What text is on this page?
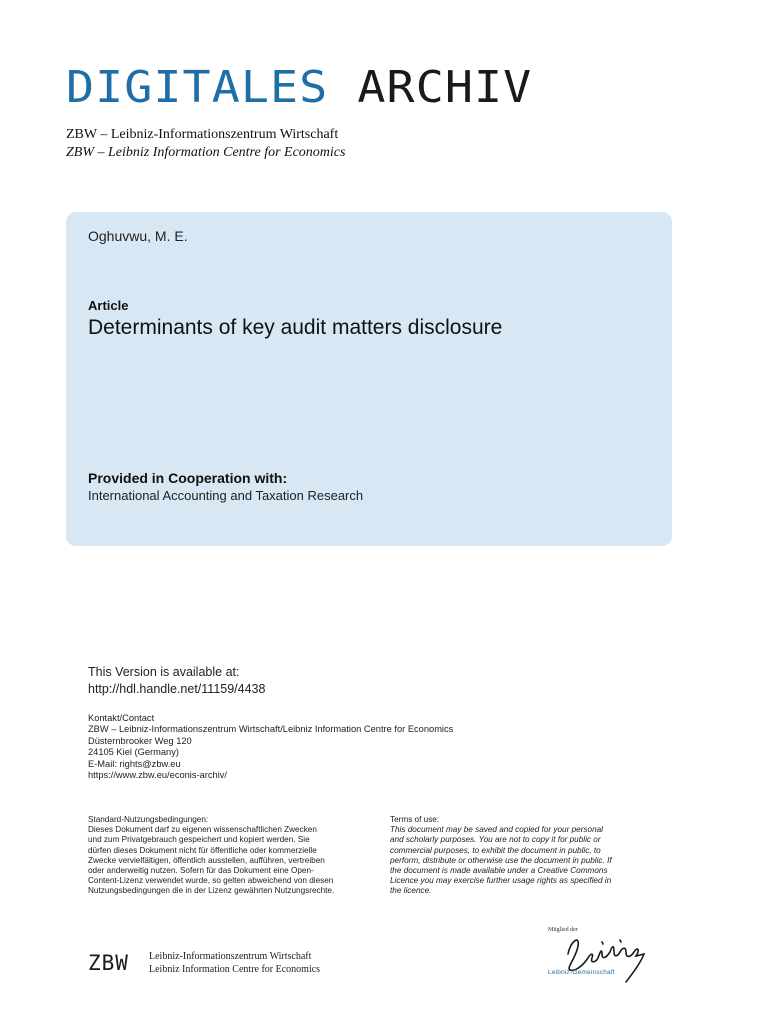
DIGITALES ARCHIV
ZBW – Leibniz-Informationszentrum Wirtschaft
ZBW – Leibniz Information Centre for Economics
Oghuvwu, M. E.
Article
Determinants of key audit matters disclosure
Provided in Cooperation with:
International Accounting and Taxation Research
This Version is available at:
http://hdl.handle.net/11159/4438
Kontakt/Contact
ZBW – Leibniz-Informationszentrum Wirtschaft/Leibniz Information Centre for Economics
Düsternbrooker Weg 120
24105 Kiel (Germany)
E-Mail: rights@zbw.eu
https://www.zbw.eu/econis-archiv/
Standard-Nutzungsbedingungen:
Dieses Dokument darf zu eigenen wissenschaftlichen Zwecken
und zum Privatgebrauch gespeichert und kopiert werden. Sie
dürfen dieses Dokument nicht für öffentliche oder kommerzielle
Zwecke vervielfältigen, öffentlich ausstellen, aufführen, vertreiben
oder anderweitig nutzen. Sofern für das Dokument eine Open-
Content-Lizenz verwendet wurde, so gelten abweichend von diesen
Nutzungsbedingungen die in der Lizenz gewährten Nutzungsrechte.
Terms of use:
This document may be saved and copied for your personal
and scholarly purposes. You are not to copy it for public or
commercial purposes, to exhibit the document in public, to
perform, distribute or otherwise use the document in public. If
the document is made available under a Creative Commons
Licence you may exercise further usage rights as specified in
the licence.
ZBW Leibniz-Informationszentrum Wirtschaft
Leibniz Information Centre for Economics
Mitglied der
Leibniz-Gemeinschaft
